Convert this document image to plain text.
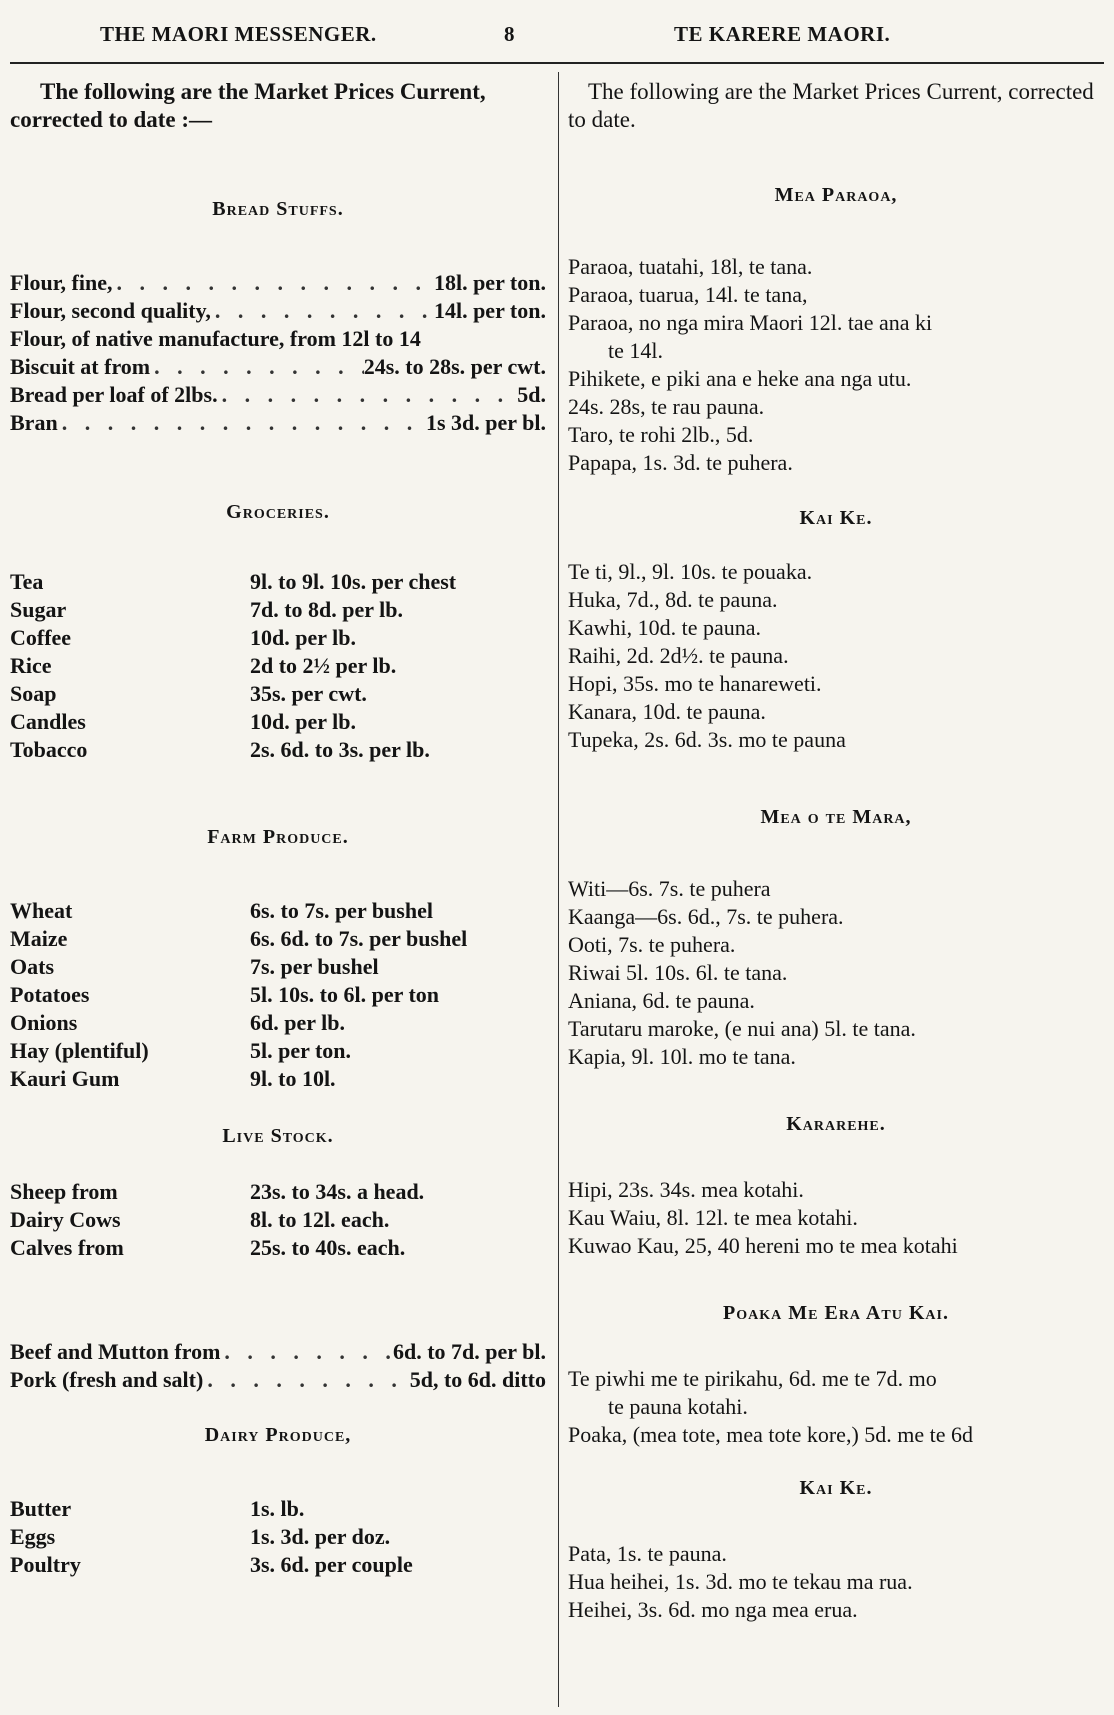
THE MAORI MESSENGER.	8	TE KARERE MAORI.

The following are the Market Prices Current, corrected to date :—

Bread Stuffs.
Flour, fine, . . .	18l. per ton.
Flour, second quality, . . .	14l. per ton.
Flour, of native manufacture, from 12l to 14
Biscuit at from . . .	24s. to 28s. per cwt.
Bread per loaf of 2lbs. . . .	5d.
Bran . . .	1s 3d. per bl.
Groceries.
Tea	9l. to 9l. 10s. per chest
Sugar	7d. to 8d. per lb.
Coffee	10d. per lb.
Rice	2d to 2½ per lb.
Soap	35s. per cwt.
Candles	10d. per lb.
Tobacco	2s. 6d. to 3s. per lb.
Farm Produce.
Wheat	6s. to 7s. per bushel
Maize	6s. 6d. to 7s. per bushel
Oats	7s. per bushel
Potatoes	5l. 10s. to 6l. per ton
Onions	6d. per lb.
Hay (plentiful)	5l. per ton.
Kauri Gum	9l. to 10l.
Live Stock.
Sheep from	23s. to 34s. a head.
Dairy Cows	8l. to 12l. each.
Calves from	25s. to 40s. each.
Beef and Mutton from . . .	6d. to 7d. per bl.
Pork (fresh and salt) . . .	5d, to 6d. ditto
Dairy Produce,
Butter	1s. lb.
Eggs	1s. 3d. per doz.
Poultry	3s. 6d. per couple

The following are the Market Prices Current, corrected to date.

Mea Paraoa,
Paraoa, tuatahi, 18l, te tana.
Paraoa, tuarua, 14l. te tana,
Paraoa, no nga mira Maori 12l. tae ana ki
te 14l.
Pihikete, e piki ana e heke ana nga utu.
24s. 28s, te rau pauna.
Taro, te rohi 2lb., 5d.
Papapa, 1s. 3d. te puhera.
Kai Ke.
Te ti, 9l., 9l. 10s. te pouaka.
Huka, 7d., 8d. te pauna.
Kawhi, 10d. te pauna.
Raihi, 2d. 2d½. te pauna.
Hopi, 35s. mo te hanareweti.
Kanara, 10d. te pauna.
Tupeka, 2s. 6d. 3s. mo te pauna
Mea o te Mara,
Witi—6s. 7s. te puhera
Kaanga—6s. 6d., 7s. te puhera.
Ooti, 7s. te puhera.
Riwai 5l. 10s. 6l. te tana.
Aniana, 6d. te pauna.
Tarutaru maroke, (e nui ana) 5l. te tana.
Kapia, 9l. 10l. mo te tana.
Kararehe.
Hipi, 23s. 34s. mea kotahi.
Kau Waiu, 8l. 12l. te mea kotahi.
Kuwao Kau, 25, 40 hereni mo te mea kotahi
Poaka Me Era Atu Kai.
Te piwhi me te pirikahu, 6d. me te 7d. mo
te pauna kotahi.
Poaka, (mea tote, mea tote kore,) 5d. me te 6d
Kai Ke.
Pata, 1s. te pauna.
Hua heihei, 1s. 3d. mo te tekau ma rua.
Heihei, 3s. 6d. mo nga mea erua.
